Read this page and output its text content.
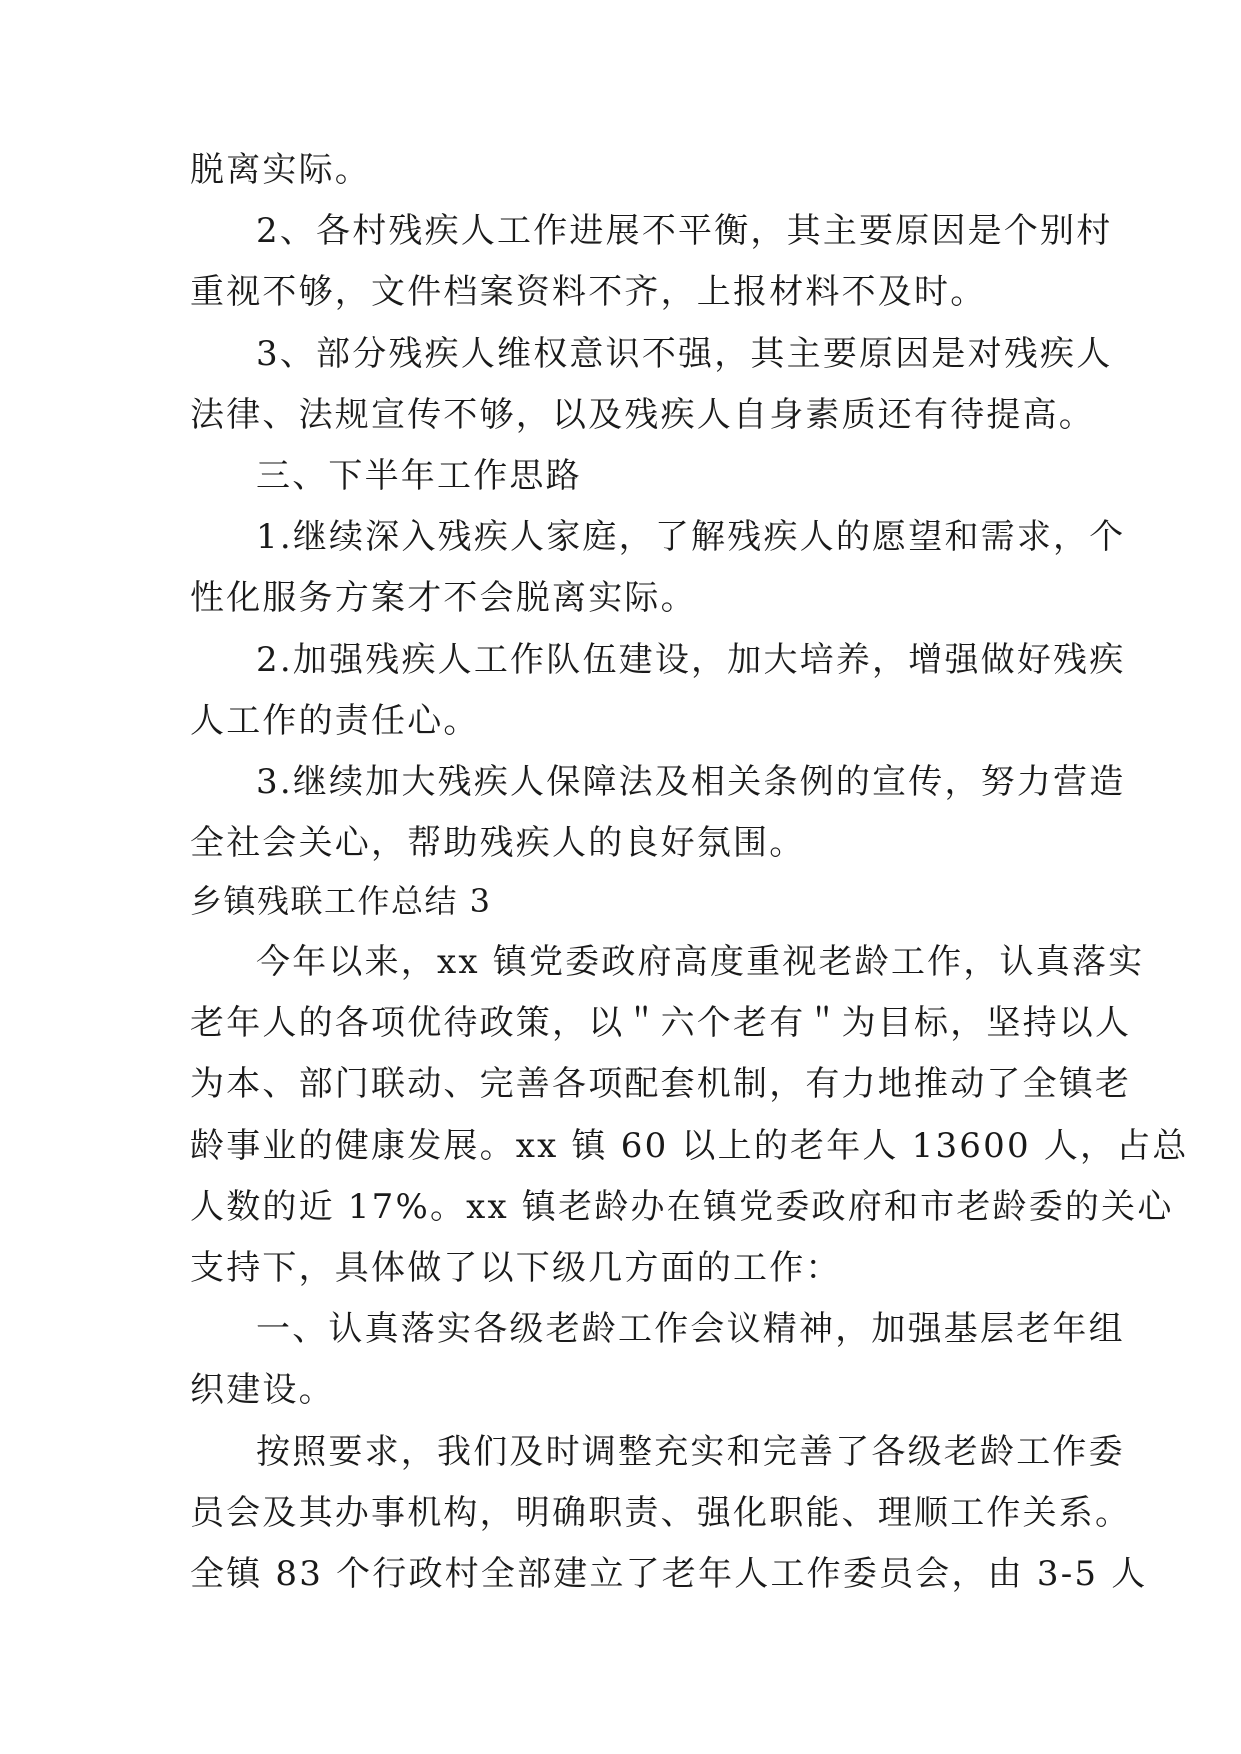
脱离实际。
2、各村残疾人工作进展不平衡，其主要原因是个别村
重视不够，文件档案资料不齐，上报材料不及时。
3、部分残疾人维权意识不强，其主要原因是对残疾人
法律、法规宣传不够，以及残疾人自身素质还有待提高。
三、下半年工作思路
1.继续深入残疾人家庭，了解残疾人的愿望和需求，个
性化服务方案才不会脱离实际。
2.加强残疾人工作队伍建设，加大培养，增强做好残疾
人工作的责任心。
3.继续加大残疾人保障法及相关条例的宣传，努力营造
全社会关心，帮助残疾人的良好氛围。
乡镇残联工作总结 3
今年以来，xx 镇党委政府高度重视老龄工作，认真落实
老年人的各项优待政策，以＂六个老有＂为目标，坚持以人
为本、部门联动、完善各项配套机制，有力地推动了全镇老
龄事业的健康发展。xx 镇 60 以上的老年人 13600 人，占总
人数的近 17%。xx 镇老龄办在镇党委政府和市老龄委的关心
支持下，具体做了以下级几方面的工作：
一、认真落实各级老龄工作会议精神，加强基层老年组
织建设。
按照要求，我们及时调整充实和完善了各级老龄工作委
员会及其办事机构，明确职责、强化职能、理顺工作关系。
全镇 83 个行政村全部建立了老年人工作委员会，由 3-5 人
